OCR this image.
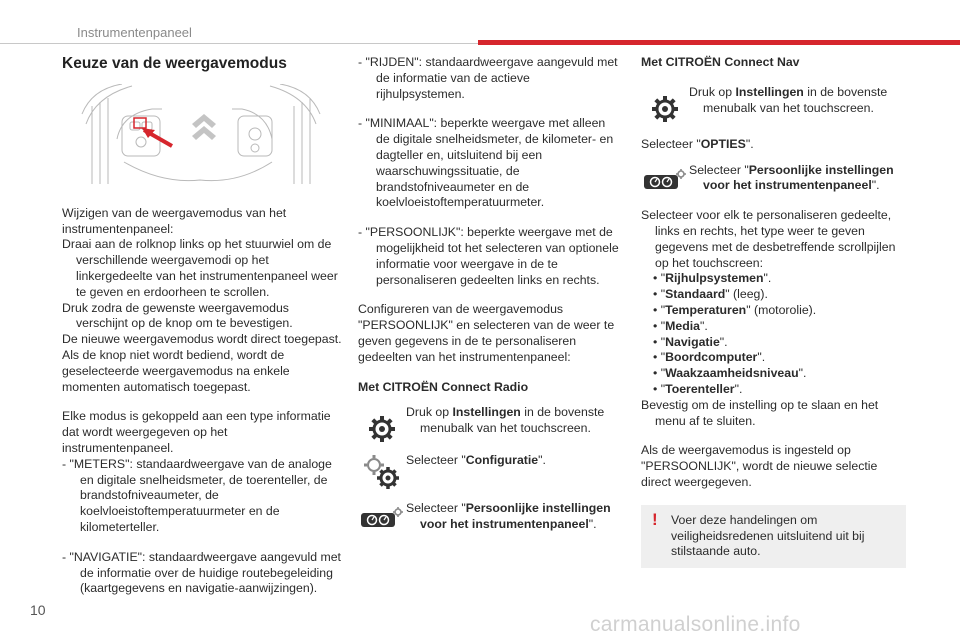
Instrumentenpaneel
Keuze van de weergavemodus

Wijzigen van de weergavemodus van het

instrumentenpaneel:

Draai aan de rolknop links op het stuurwiel om de verschillende weergavemodi op het linkergedeelte van het instrumentenpaneel weer te geven en erdoorheen te scrollen.

Druk zodra de gewenste weergavemodus verschijnt op de knop om te bevestigen.

De nieuwe weergavemodus wordt direct toegepast.

Als de knop niet wordt bediend, wordt de geselecteerde weergavemodus na enkele momenten automatisch toegepast.

Elke modus is gekoppeld aan een type informatie dat wordt weergegeven op het instrumentenpaneel.

- "METERS": standaardweergave van de analoge en digitale snelheidsmeter, de toerenteller, de brandstofniveaumeter, de koelvloeistoftemperatuurmeter en de kilometerteller.

- "NAVIGATIE": standaardweergave aangevuld met de informatie over de huidige routebegeleiding (kaartgegevens en navigatie-aanwijzingen).

- "RIJDEN": standaardweergave aangevuld met de informatie van de actieve rijhulpsystemen.

- "MINIMAAL": beperkte weergave met alleen de digitale snelheidsmeter, de kilometer- en dagteller en, uitsluitend bij een waarschuwingssituatie, de brandstofniveaumeter en de koelvloeistoftemperatuurmeter.

- "PERSOONLIJK": beperkte weergave met de mogelijkheid tot het selecteren van optionele informatie voor weergave in de te personaliseren gedeelten links en rechts.

Configureren van de weergavemodus "PERSOONLIJK" en selecteren van de weer te geven gegevens in de te personaliseren gedeelten van het instrumentenpaneel:

Met CITROËN Connect Radio

Druk op Instellingen in de bovenste menubalk van het touchscreen.

Selecteer "Configuratie".

Selecteer "Persoonlijke instellingen voor het instrumentenpaneel".

Met CITROËN Connect Nav

Druk op Instellingen in de bovenste menubalk van het touchscreen.

Selecteer "OPTIES".

Selecteer "Persoonlijke instellingen voor het instrumentenpaneel".

Selecteer voor elk te personaliseren gedeelte, links en rechts, het type weer te geven gegevens met de desbetreffende scrollpijlen op het touchscreen:

• "Rijhulpsystemen".

• "Standaard" (leeg).

• "Temperaturen" (motorolie).

• "Media".

• "Navigatie".

• "Boordcomputer".

• "Waakzaamheidsniveau".

• "Toerenteller".

Bevestig om de instelling op te slaan en het menu af te sluiten.

Als de weergavemodus is ingesteld op "PERSOONLIJK", wordt de nieuwe selectie direct weergegeven.

! Voer deze handelingen om veiligheidsredenen uitsluitend uit bij stilstaande auto.
10
carmanualsonline.info
